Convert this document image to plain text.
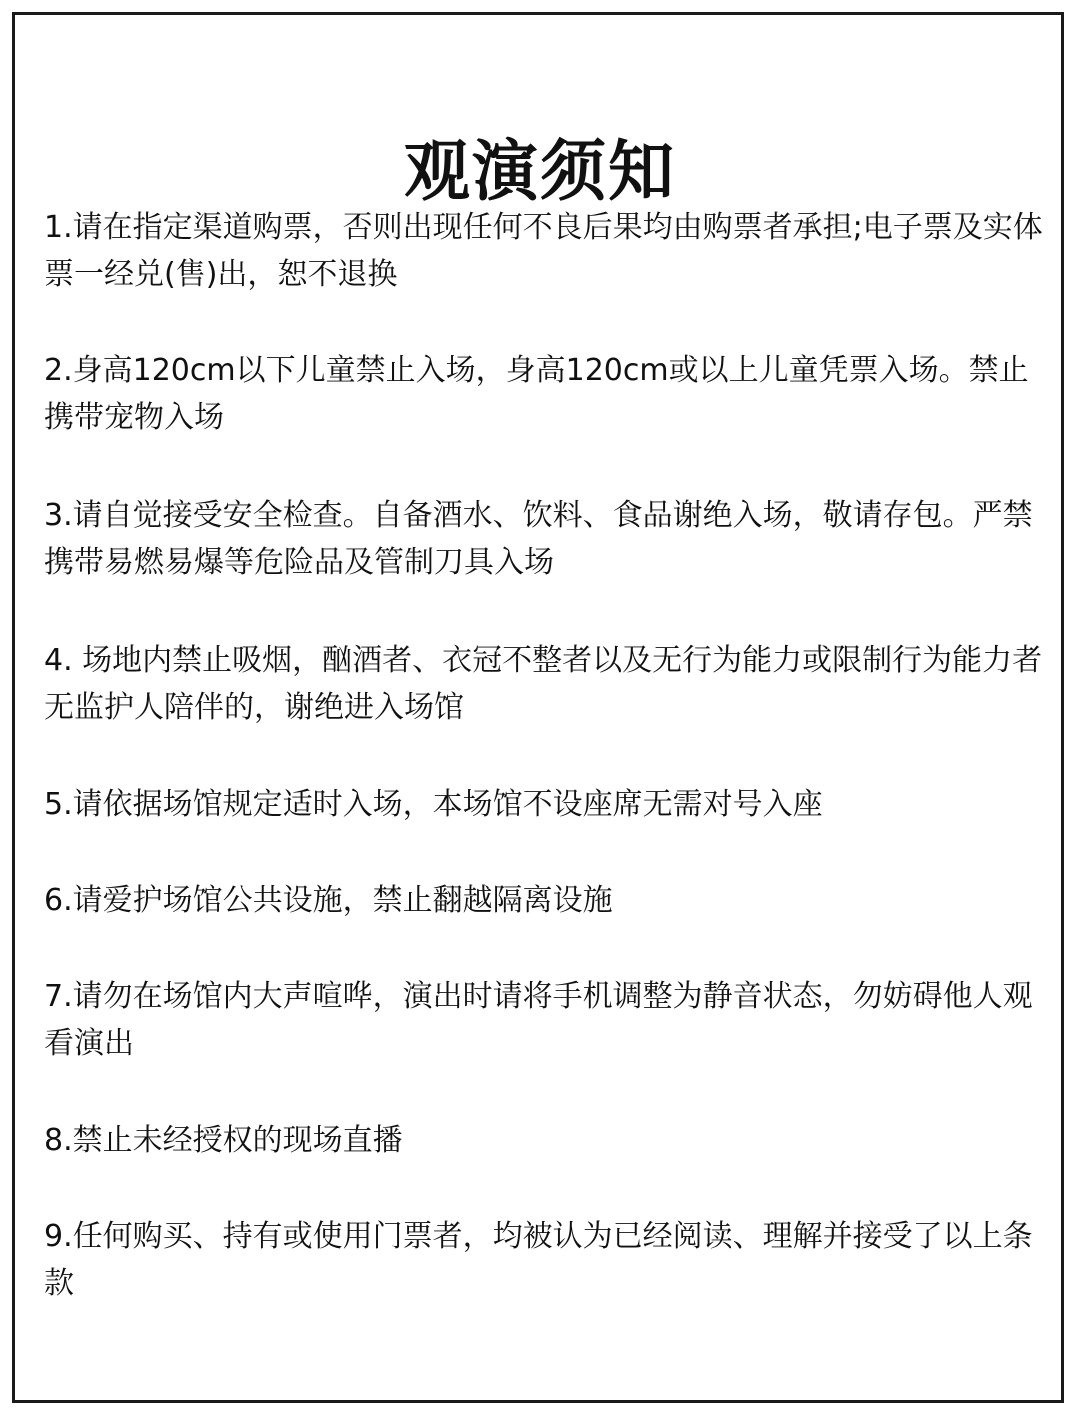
观演须知

1.请在指定渠道购票，否则出现任何不良后果均由购票者承担;电子票及实体票一经兑(售)出，恕不退换

2.身高120cm以下儿童禁止入场，身高120cm或以上儿童凭票入场。禁止携带宠物入场

3.请自觉接受安全检查。自备酒水、饮料、食品谢绝入场，敬请存包。严禁携带易燃易爆等危险品及管制刀具入场

4. 场地内禁止吸烟，酗酒者、衣冠不整者以及无行为能力或限制行为能力者无监护人陪伴的，谢绝进入场馆

5.请依据场馆规定适时入场，本场馆不设座席无需对号入座

6.请爱护场馆公共设施，禁止翻越隔离设施

7.请勿在场馆内大声喧哗，演出时请将手机调整为静音状态，勿妨碍他人观看演出

8.禁止未经授权的现场直播

9.任何购买、持有或使用门票者，均被认为已经阅读、理解并接受了以上条款
